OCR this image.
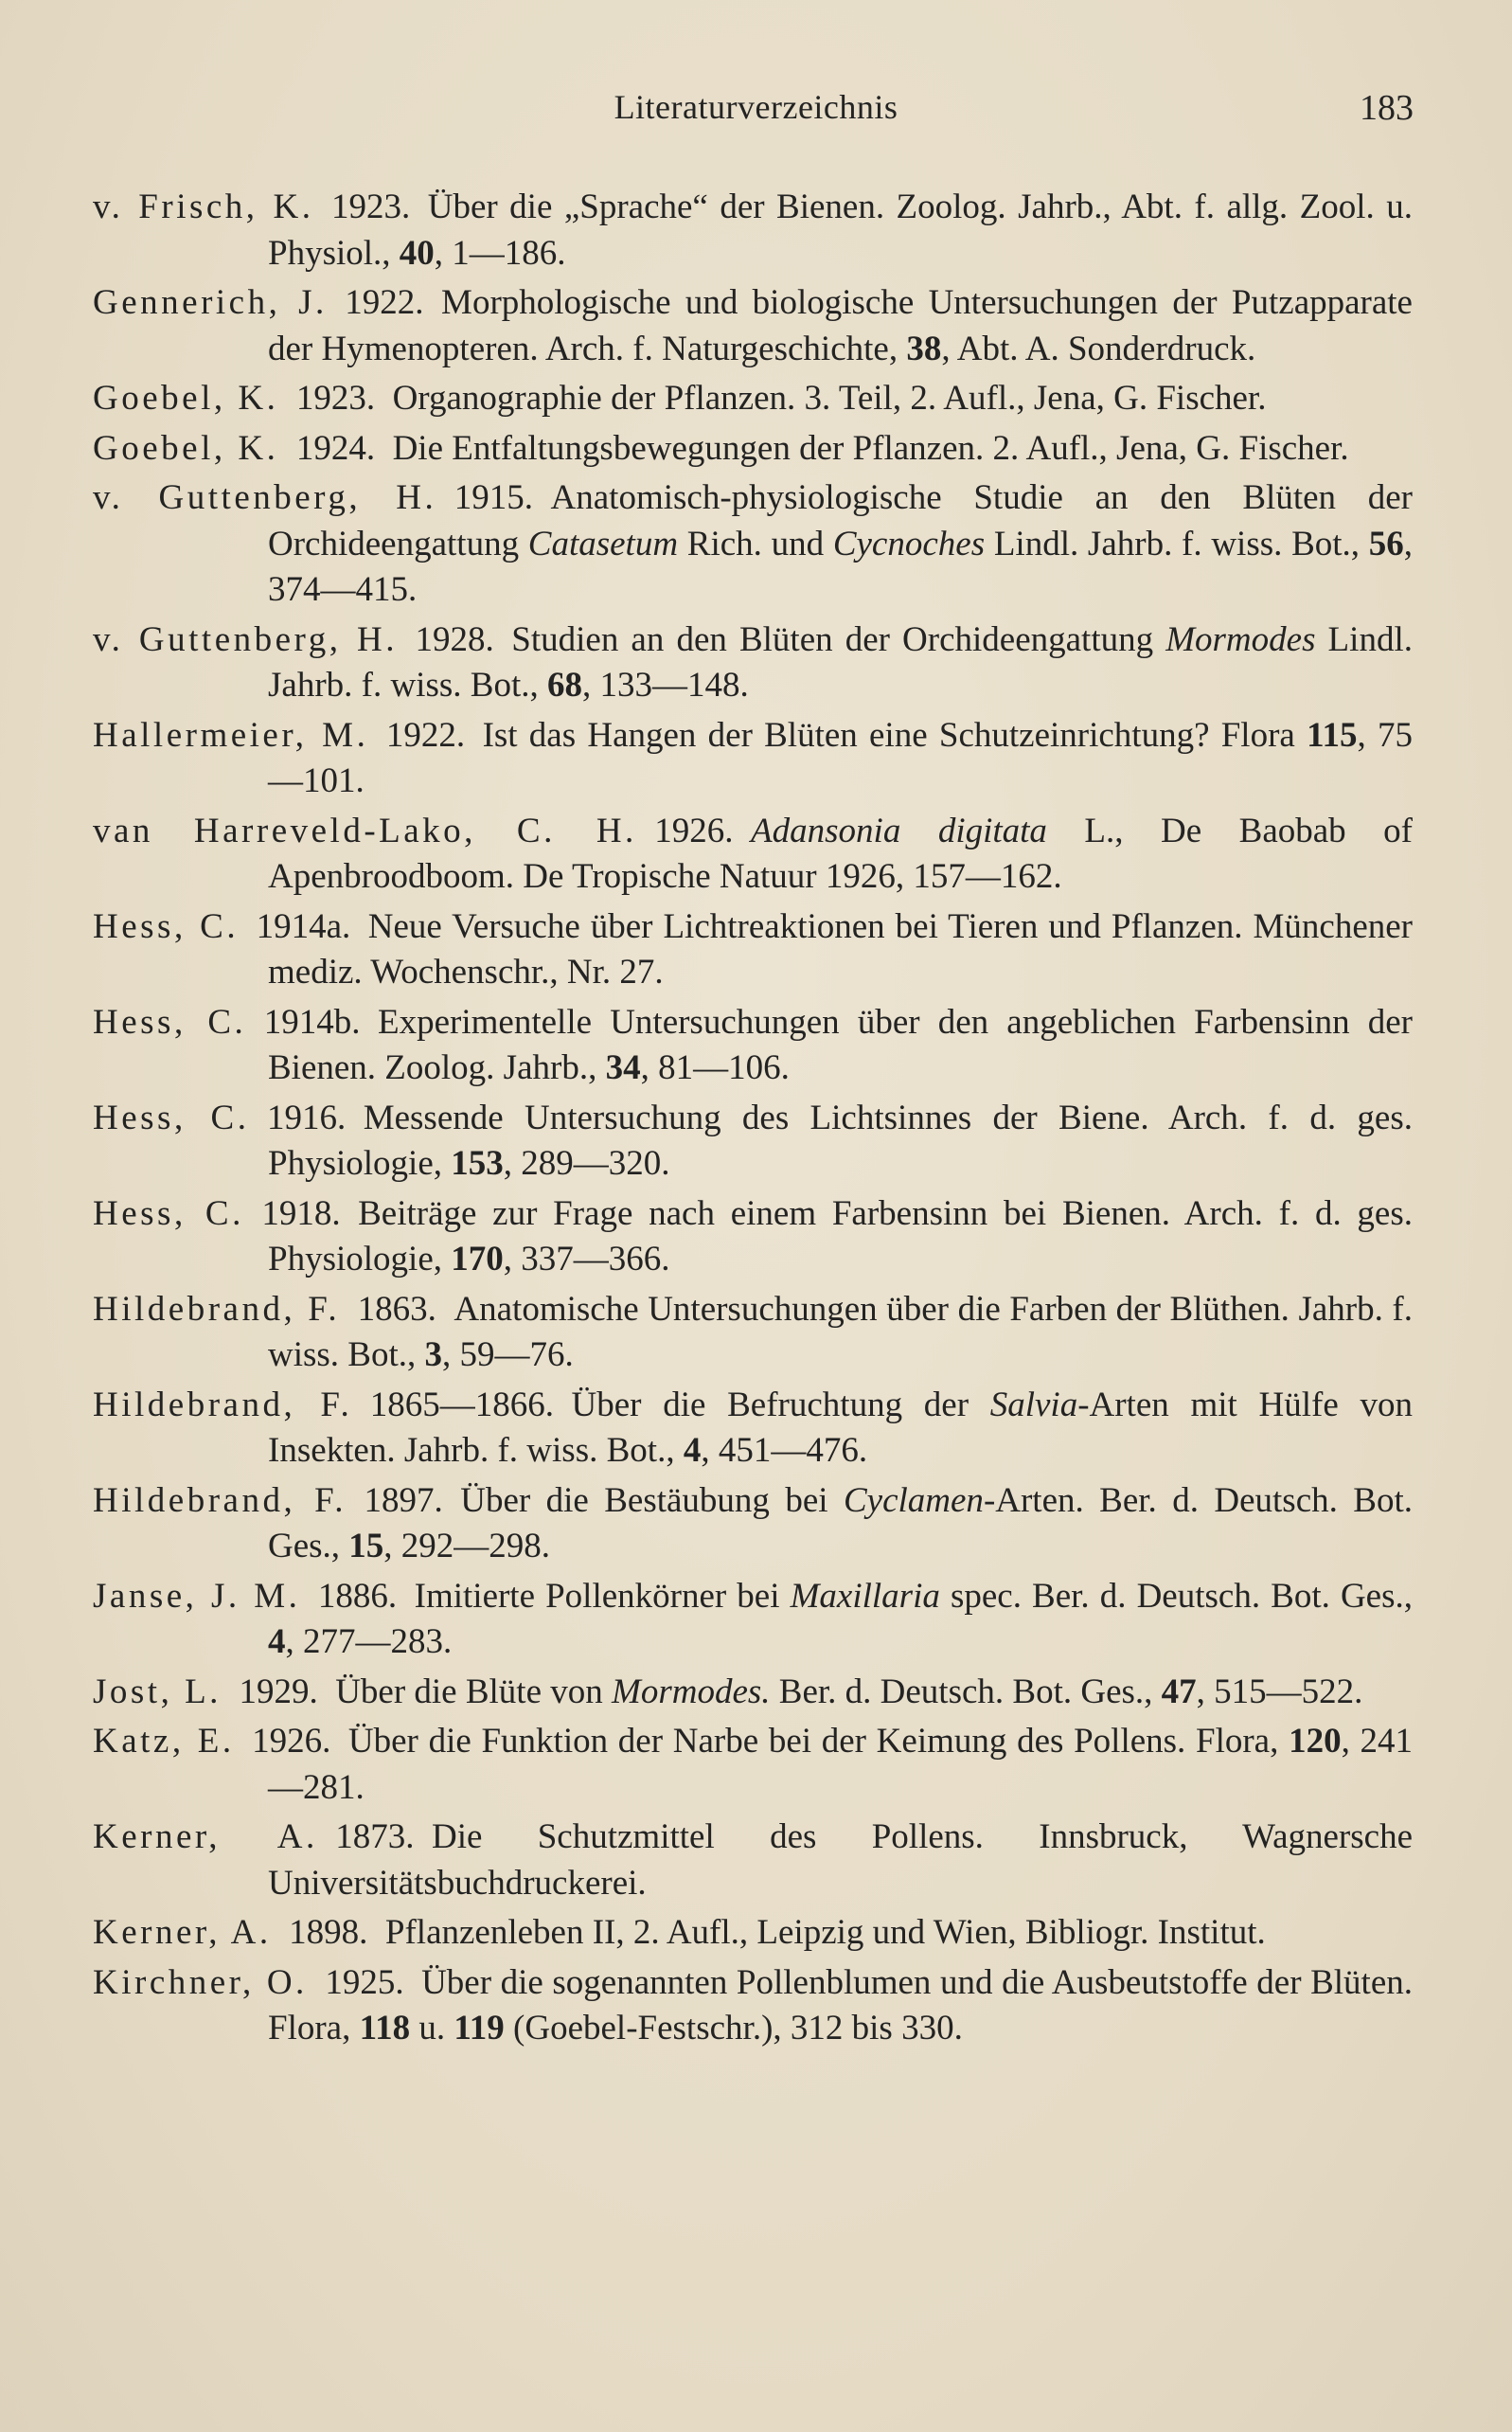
Literaturverzeichnis	183
v. Frisch, K.  1923.  Über die „Sprache“ der Bienen. Zoolog. Jahrb., Abt. f. allg. Zool. u. Physiol., 40, 1—186.
Gennerich, J.  1922.  Morphologische und biologische Untersuchungen der Putzapparate der Hymenopteren. Arch. f. Naturgeschichte, 38, Abt. A. Sonderdruck.
Goebel, K.  1923.  Organographie der Pflanzen. 3. Teil, 2. Aufl., Jena, G. Fischer.
Goebel, K.  1924.  Die Entfaltungsbewegungen der Pflanzen. 2. Aufl., Jena, G. Fischer.
v. Guttenberg, H.  1915.  Anatomisch-physiologische Studie an den Blüten der Orchideengattung Catasetum Rich. und Cycnoches Lindl. Jahrb. f. wiss. Bot., 56, 374—415.
v. Guttenberg, H.  1928.  Studien an den Blüten der Orchideengattung Mormodes Lindl. Jahrb. f. wiss. Bot., 68, 133—148.
Hallermeier, M.  1922.  Ist das Hangen der Blüten eine Schutzeinrichtung? Flora 115, 75—101.
van Harreveld-Lako, C. H.  1926.  Adansonia digitata L., De Baobab of Apenbroodboom. De Tropische Natuur 1926, 157—162.
Hess, C.  1914a.  Neue Versuche über Lichtreaktionen bei Tieren und Pflanzen. Münchener mediz. Wochenschr., Nr. 27.
Hess, C.  1914b.  Experimentelle Untersuchungen über den angeblichen Farbensinn der Bienen. Zoolog. Jahrb., 34, 81—106.
Hess, C.  1916.  Messende Untersuchung des Lichtsinnes der Biene. Arch. f. d. ges. Physiologie, 153, 289—320.
Hess, C.  1918.  Beiträge zur Frage nach einem Farbensinn bei Bienen. Arch. f. d. ges. Physiologie, 170, 337—366.
Hildebrand, F.  1863.  Anatomische Untersuchungen über die Farben der Blüthen. Jahrb. f. wiss. Bot., 3, 59—76.
Hildebrand, F.  1865—1866.  Über die Befruchtung der Salvia-Arten mit Hülfe von Insekten. Jahrb. f. wiss. Bot., 4, 451—476.
Hildebrand, F.  1897.  Über die Bestäubung bei Cyclamen-Arten. Ber. d. Deutsch. Bot. Ges., 15, 292—298.
Janse, J. M.  1886.  Imitierte Pollenkörner bei Maxillaria spec. Ber. d. Deutsch. Bot. Ges., 4, 277—283.
Jost, L.  1929.  Über die Blüte von Mormodes. Ber. d. Deutsch. Bot. Ges., 47, 515—522.
Katz, E.  1926.  Über die Funktion der Narbe bei der Keimung des Pollens. Flora, 120, 241—281.
Kerner, A.  1873.  Die Schutzmittel des Pollens. Innsbruck, Wagnersche Universitätsbuchdruckerei.
Kerner, A.  1898.  Pflanzenleben II, 2. Aufl., Leipzig und Wien, Bibliogr. Institut.
Kirchner, O.  1925.  Über die sogenannten Pollenblumen und die Ausbeutstoffe der Blüten. Flora, 118 u. 119 (Goebel-Festschr.), 312 bis 330.
